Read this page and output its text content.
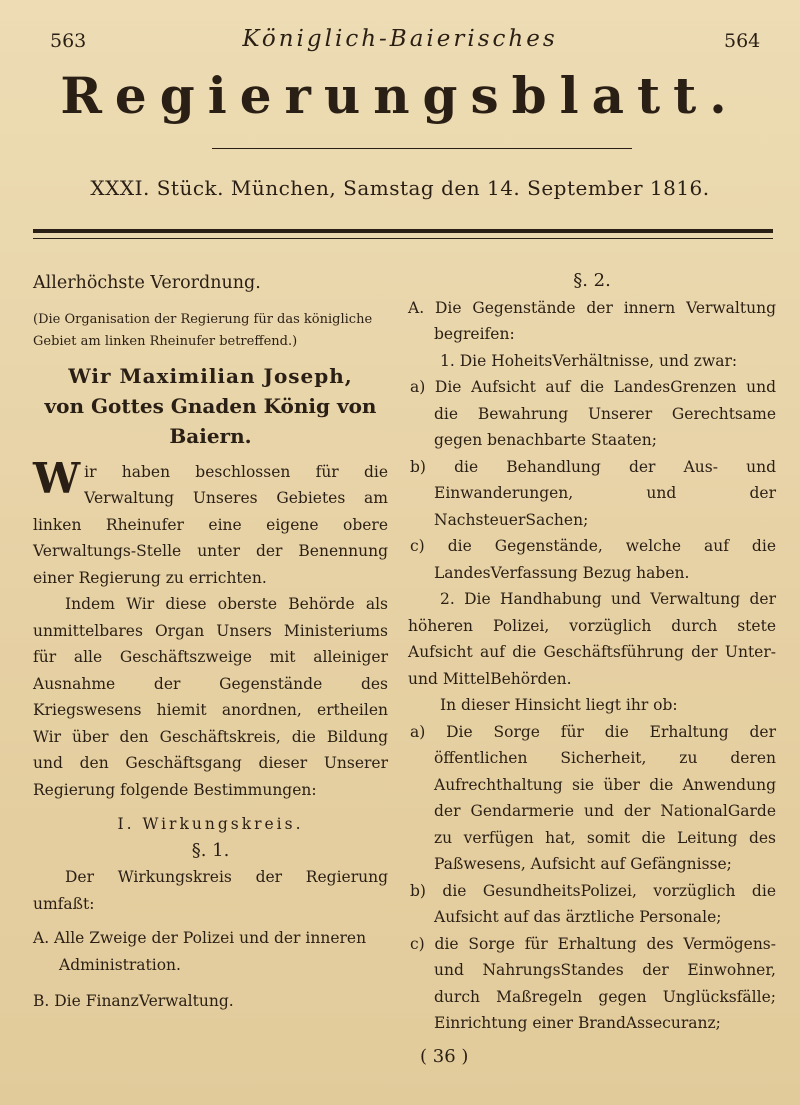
563	Königlich-Baierisches	564
Regierungsblatt.
XXXI. Stück. München, Samstag den 14. September 1816.

Allerhöchste Verordnung.

(Die Organisation der Regierung für das königliche Gebiet am linken Rheinufer betreffend.)

Wir Maximilian Joseph,

von Gottes Gnaden König von Baiern.

Wir haben beschlossen für die Verwaltung Unseres Gebietes am linken Rheinufer eine eigene obere Verwaltungs-Stelle unter der Benennung einer Regierung zu errichten.

Indem Wir diese oberste Behörde als unmittelbares Organ Unsers Ministeriums für alle Geschäftszweige mit alleiniger Ausnahme der Gegenstände des Kriegswesens hiemit anordnen, ertheilen Wir über den Geschäftskreis, die Bildung und den Geschäftsgang dieser Unserer Regierung folgende Bestimmungen:

I. Wirkungskreis.

§. 1.

Der Wirkungskreis der Regierung umfaßt:

A. Alle Zweige der Polizei und der inneren Administration.

B. Die FinanzVerwaltung.

§. 2.

A. Die Gegenstände der innern Verwaltung begreifen:

1. Die HoheitsVerhältnisse, und zwar:

a) Die Aufsicht auf die LandesGrenzen und die Bewahrung Unserer Gerechtsame gegen benachbarte Staaten;

b) die Behandlung der Aus- und Einwanderungen, und der NachsteuerSachen;

c) die Gegenstände, welche auf die LandesVerfassung Bezug haben.

2. Die Handhabung und Verwaltung der höheren Polizei, vorzüglich durch stete Aufsicht auf die Geschäftsführung der Unter- und MittelBehörden.

In dieser Hinsicht liegt ihr ob:

a) Die Sorge für die Erhaltung der öffentlichen Sicherheit, zu deren Aufrechthaltung sie über die Anwendung der Gendarmerie und der NationalGarde zu verfügen hat, somit die Leitung des Paßwesens, Aufsicht auf Gefängnisse;

b) die GesundheitsPolizei, vorzüglich die Aufsicht auf das ärztliche Personale;

c) die Sorge für Erhaltung des Vermögens- und NahrungsStandes der Einwohner, durch Maßregeln gegen Unglücksfälle; Einrichtung einer BrandAssecuranz;

( 36 )
